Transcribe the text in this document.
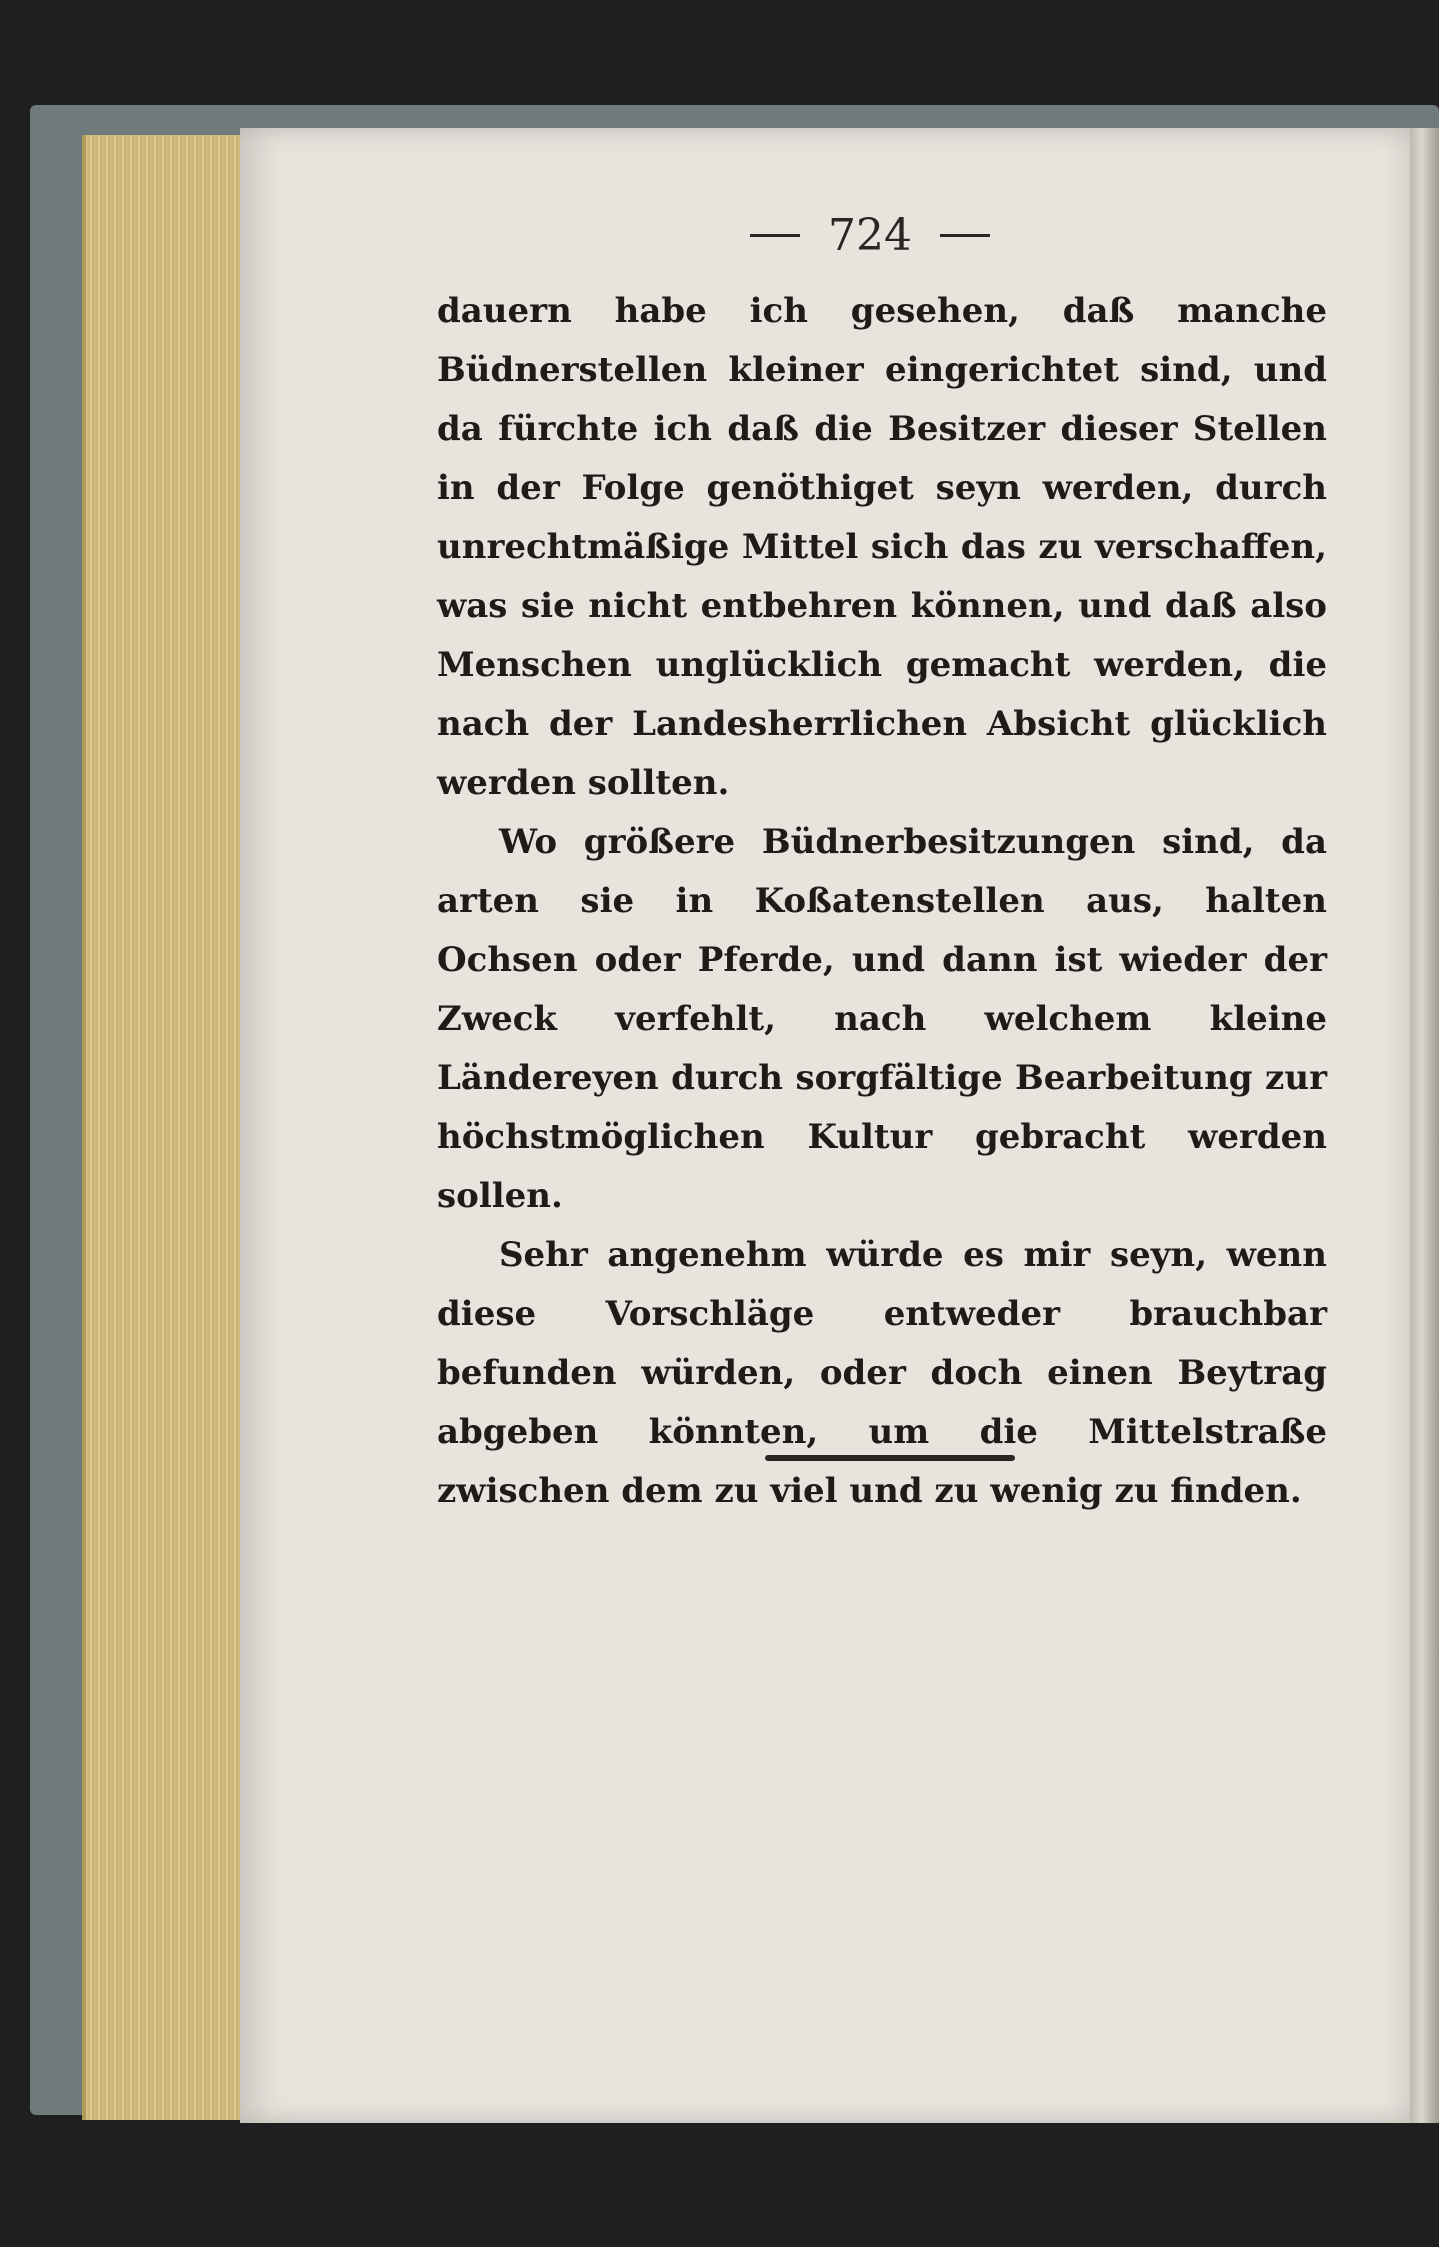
724

dauern habe ich gesehen, daß manche Büdnerstellen kleiner eingerichtet sind, und da fürchte ich daß die Besitzer dieser Stellen in der Folge genöthiget seyn werden, durch unrechtmäßige Mittel sich das zu verschaffen, was sie nicht entbehren können, und daß also Menschen unglücklich gemacht werden, die nach der Landesherrlichen Absicht glücklich werden sollten.

Wo größere Büdnerbesitzungen sind, da arten sie in Koßatenstellen aus, halten Ochsen oder Pferde, und dann ist wieder der Zweck verfehlt, nach welchem kleine Ländereyen durch sorgfältige Bearbeitung zur höchstmöglichen Kultur gebracht werden sollen.

Sehr angenehm würde es mir seyn, wenn diese Vorschläge entweder brauchbar befunden würden, oder doch einen Beytrag abgeben könnten, um die Mittelstraße zwischen dem zu viel und zu wenig zu finden.
